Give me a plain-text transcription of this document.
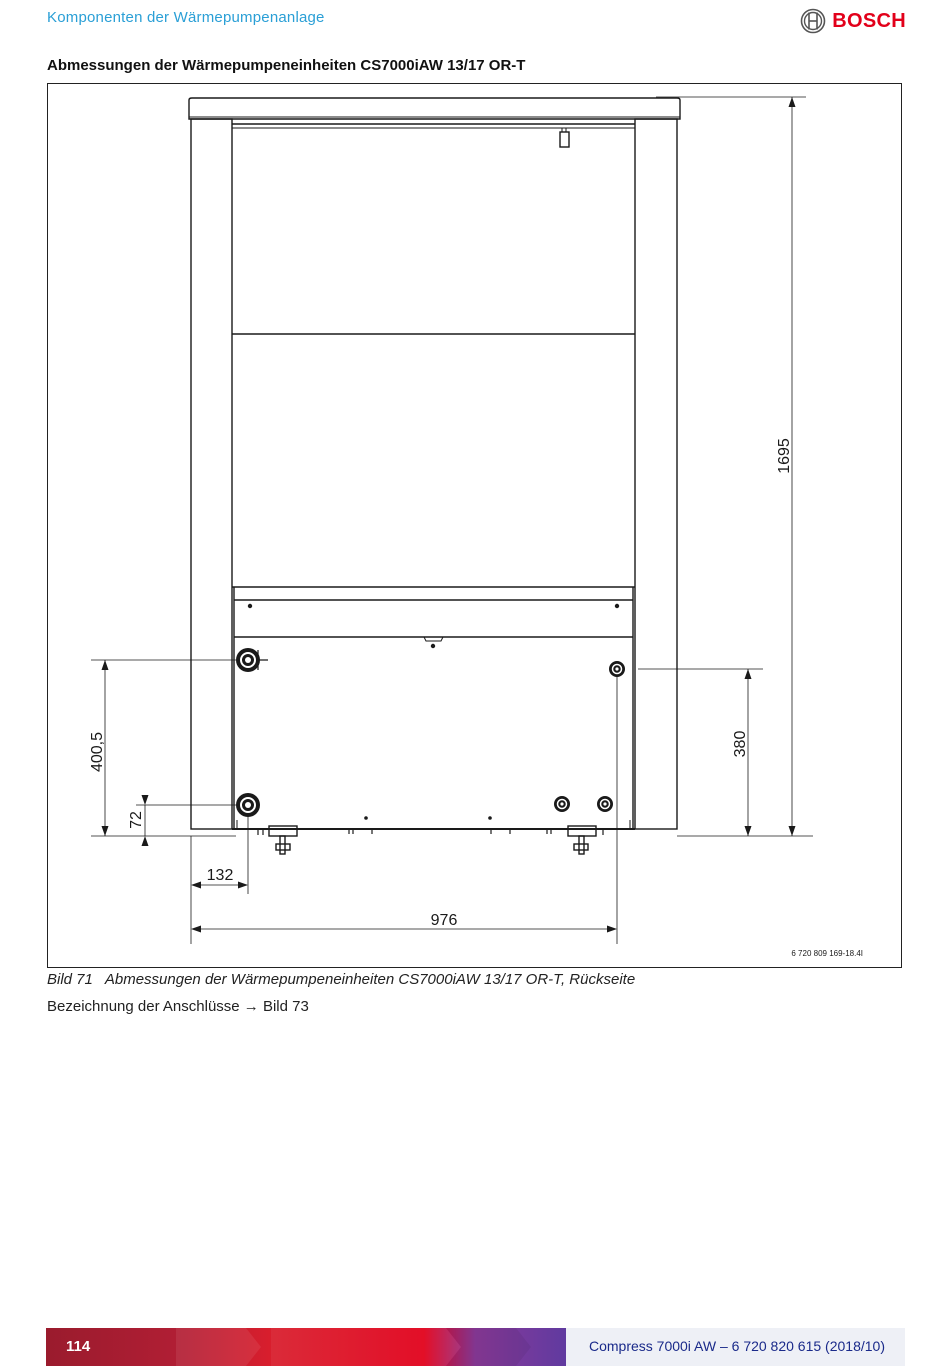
Komponenten der Wärmepumpenanlage	BOSCH
Abmessungen der Wärmepumpeneinheiten CS7000iAW 13/17 OR-T
1695
380
400,5
72
132
976
6 720 809 169-18.4I
Bild 71 Abmessungen der Wärmepumpeneinheiten CS7000iAW 13/17 OR-T, Rückseite
Bezeichnung der Anschlüsse → Bild 73
114	Compress 7000i AW – 6 720 820 615 (2018/10)
